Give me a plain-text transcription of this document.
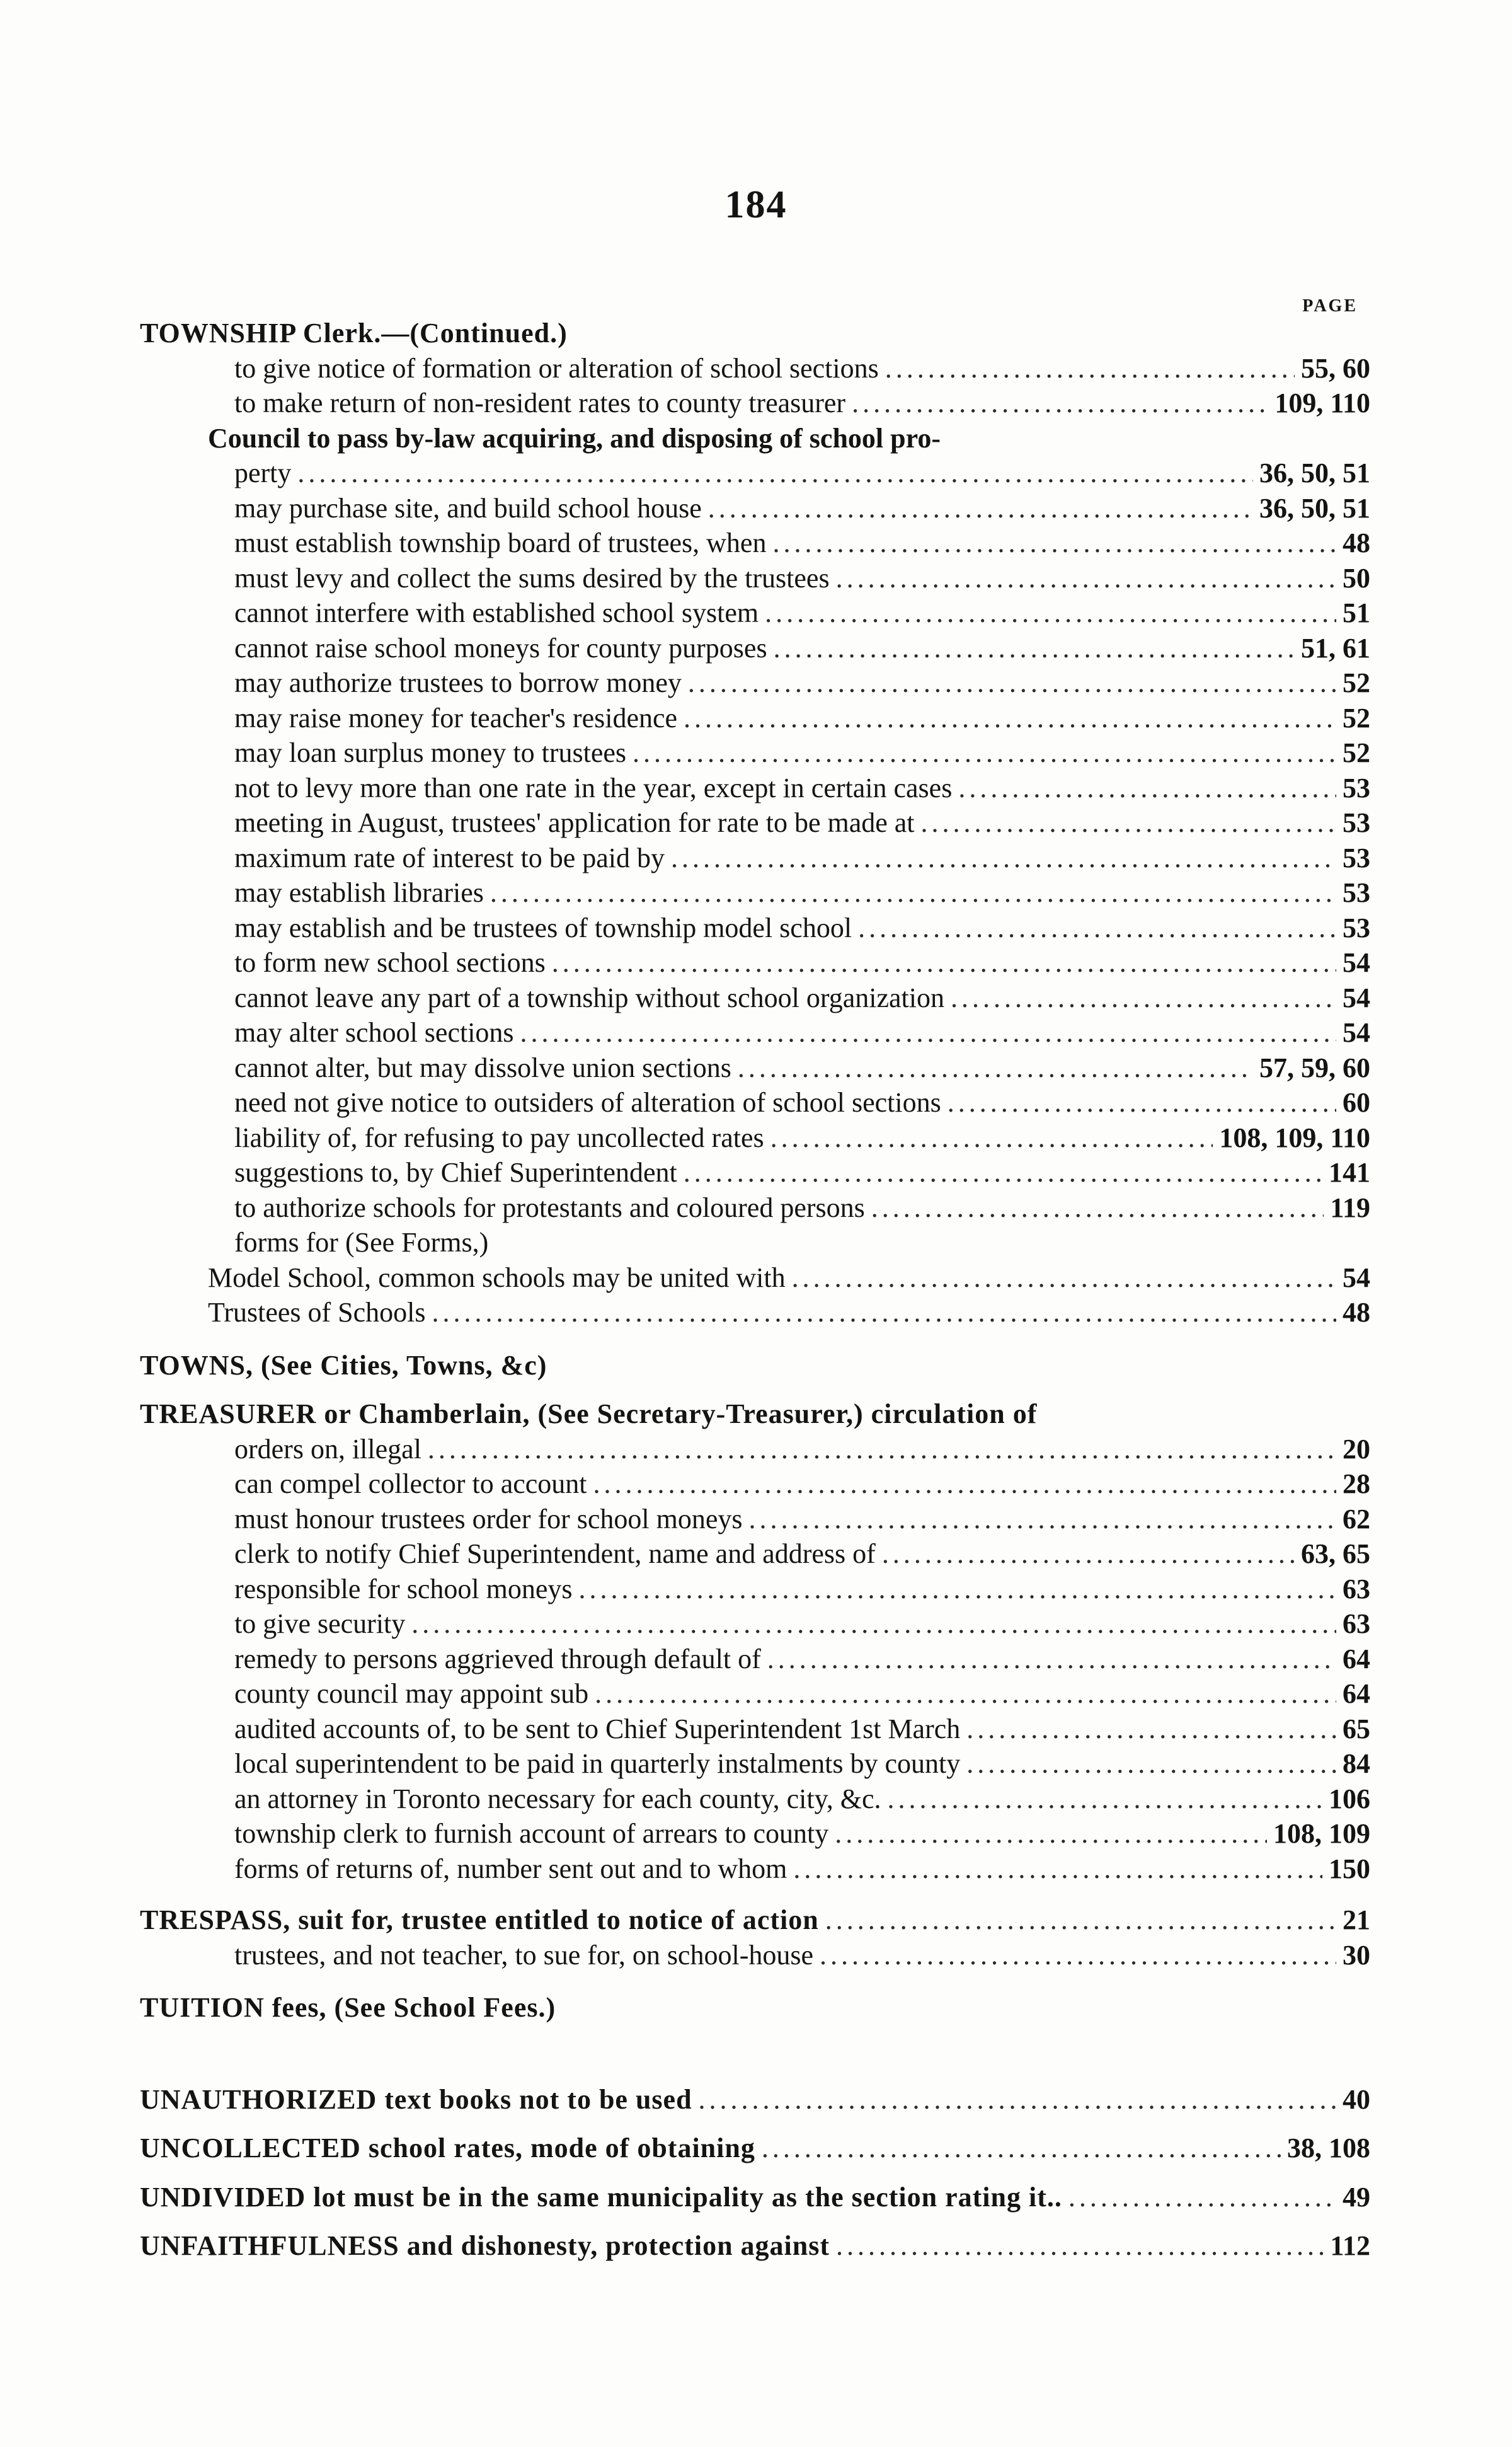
184
PAGE
TOWNSHIP Clerk.—(Continued.)
to give notice of formation or alteration of school sections .....	55, 60
to make return of non-resident rates to county treasurer .....	109, 110
Council to pass by-law acquiring, and disposing of school pro-
perty .....	36, 50, 51
may purchase site, and build school house .....	36, 50, 51
must establish township board of trustees, when .....	48
must levy and collect the sums desired by the trustees .....	50
cannot interfere with established school system .....	51
cannot raise school moneys for county purposes .....	51, 61
may authorize trustees to borrow money .....	52
may raise money for teacher's residence .....	52
may loan surplus money to trustees .....	52
not to levy more than one rate in the year, except in certain cases .....	53
meeting in August, trustees' application for rate to be made at .....	53
maximum rate of interest to be paid by .....	53
may establish libraries .....	53
may establish and be trustees of township model school .....	53
to form new school sections .....	54
cannot leave any part of a township without school organization .....	54
may alter school sections .....	54
cannot alter, but may dissolve union sections .....	57, 59, 60
need not give notice to outsiders of alteration of school sections .....	60
liability of, for refusing to pay uncollected rates .....	108, 109, 110
suggestions to, by Chief Superintendent .....	141
to authorize schools for protestants and coloured persons .....	119
forms for (See Forms,)
Model School, common schools may be united with .....	54
Trustees of Schools .....	48
TOWNS, (See Cities, Towns, &c)
TREASURER or Chamberlain, (See Secretary-Treasurer,) circulation of
orders on, illegal .....	20
can compel collector to account .....	28
must honour trustees order for school moneys .....	62
clerk to notify Chief Superintendent, name and address of .....	63, 65
responsible for school moneys .....	63
to give security .....	63
remedy to persons aggrieved through default of .....	64
county council may appoint sub .....	64
audited accounts of, to be sent to Chief Superintendent 1st March .....	65
local superintendent to be paid in quarterly instalments by county .....	84
an attorney in Toronto necessary for each county, city, &c. .....	106
township clerk to furnish account of arrears to county .....	108, 109
forms of returns of, number sent out and to whom .....	150
TRESPASS, suit for, trustee entitled to notice of action .....	21
trustees, and not teacher, to sue for, on school-house .....	30
TUITION fees, (See School Fees.)
UNAUTHORIZED text books not to be used .....	40
UNCOLLECTED school rates, mode of obtaining .....	38, 108
UNDIVIDED lot must be in the same municipality as the section rating it.. .....	49
UNFAITHFULNESS and dishonesty, protection against .....	112
